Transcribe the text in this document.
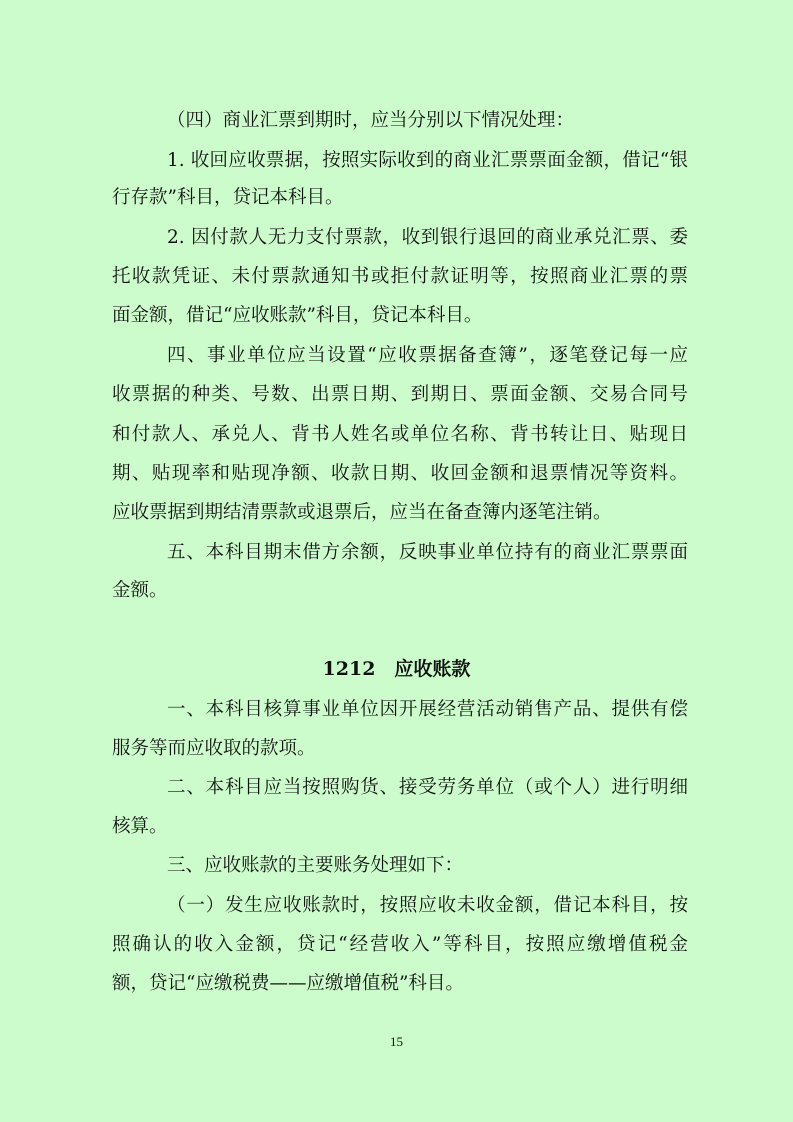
（四）商业汇票到期时，应当分别以下情况处理：
1. 收回应收票据，按照实际收到的商业汇票票面金额，借记“银
行存款”科目，贷记本科目。
2. 因付款人无力支付票款，收到银行退回的商业承兑汇票、委
托收款凭证、未付票款通知书或拒付款证明等，按照商业汇票的票
面金额，借记“应收账款”科目，贷记本科目。
四、事业单位应当设置“应收票据备查簿”，逐笔登记每一应
收票据的种类、号数、出票日期、到期日、票面金额、交易合同号
和付款人、承兑人、背书人姓名或单位名称、背书转让日、贴现日
期、贴现率和贴现净额、收款日期、收回金额和退票情况等资料。
应收票据到期结清票款或退票后，应当在备查簿内逐笔注销。
五、本科目期末借方余额，反映事业单位持有的商业汇票票面
金额。
1212　应收账款
一、本科目核算事业单位因开展经营活动销售产品、提供有偿
服务等而应收取的款项。
二、本科目应当按照购货、接受劳务单位（或个人）进行明细
核算。
三、应收账款的主要账务处理如下：
（一）发生应收账款时，按照应收未收金额，借记本科目，按
照确认的收入金额，贷记“经营收入”等科目，按照应缴增值税金
额，贷记“应缴税费——应缴增值税”科目。
15
